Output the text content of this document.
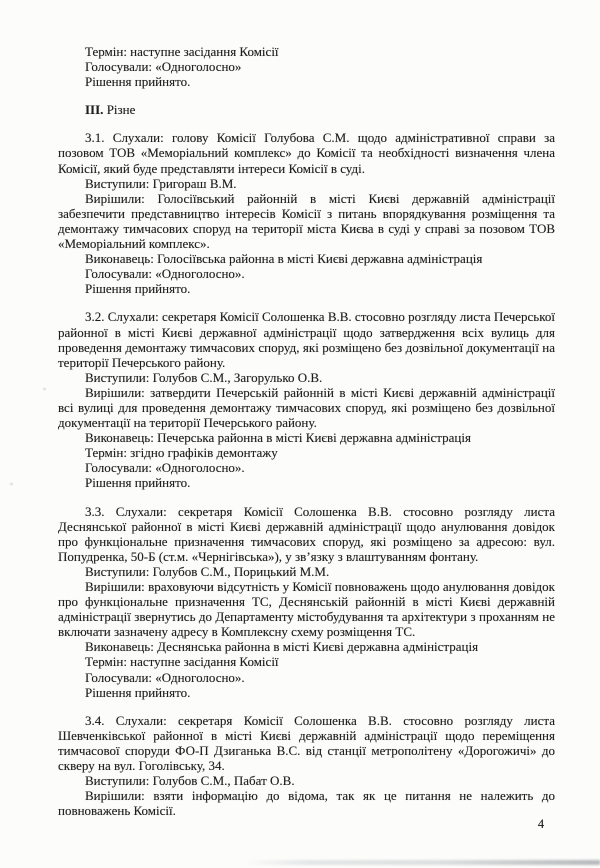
Термін: наступне засідання Комісії

Голосували: «Одноголосно»

Рішення прийнято.

III. Різне

3.1. Слухали: голову Комісії Голубова С.М. щодо адміністративної справи за позовом ТОВ «Меморіальний комплекс» до Комісії та необхідності визначення члена Комісії, який буде представляти інтереси Комісії в суді.

Виступили: Григораш В.М.

Вирішили: Голосіївський районній в місті Києві державній адміністрації забезпечити представництво інтересів Комісії з питань впорядкування розміщення та демонтажу тимчасових споруд на території міста Києва в суді у справі за позовом ТОВ «Меморіальний комплекс».

Виконавець: Голосіївська районна в місті Києві державна адміністрація

Голосували: «Одноголосно».

Рішення прийнято.

3.2. Слухали: секретаря Комісії Солошенка В.В. стосовно розгляду листа Печерської районної в місті Києві державної адміністрації щодо затвердження всіх вулиць для проведення демонтажу тимчасових споруд, які розміщено без дозвільної документації на території Печерського району.

Виступили: Голубов С.М., Загорулько О.В.

Вирішили: затвердити Печерській районній в місті Києві державній адміністрації всі вулиці для проведення демонтажу тимчасових споруд, які розміщено без дозвільної документації на території Печерського району.

Виконавець: Печерська районна в місті Києві державна адміністрація

Термін: згідно графіків демонтажу

Голосували: «Одноголосно».

Рішення прийнято.

3.3. Слухали: секретаря Комісії Солошенка В.В. стосовно розгляду листа Деснянської районної в місті Києві державній адміністрації щодо анулювання довідок про функціональне призначення тимчасових споруд, які розміщено за адресою: вул. Попудренка, 50-Б (ст.м. «Чернігівська»), у зв’язку з влаштуванням фонтану.

Виступили: Голубов С.М., Порицький М.М.

Вирішили: враховуючи відсутність у Комісії повноважень щодо анулювання довідок про функціональне призначення ТС, Деснянській районній в місті Києві державній адміністрації звернутись до Департаменту містобудування та архітектури з проханням не включати зазначену адресу в Комплексну схему розміщення ТС.

Виконавець: Деснянська районна в місті Києві державна адміністрація

Термін: наступне засідання Комісії

Голосували: «Одноголосно».

Рішення прийнято.

3.4. Слухали: секретаря Комісії Солошенка В.В. стосовно розгляду листа Шевченківської районної в місті Києві державній адміністрації щодо переміщення тимчасової споруди ФО-П Дзиганька В.С. від станції метрополітену «Дорогожичі» до скверу на вул. Гоголівську, 34.

Виступили: Голубов С.М., Пабат О.В.

Вирішили: взяти інформацію до відома, так як це питання не належить до повноважень Комісії.

4
